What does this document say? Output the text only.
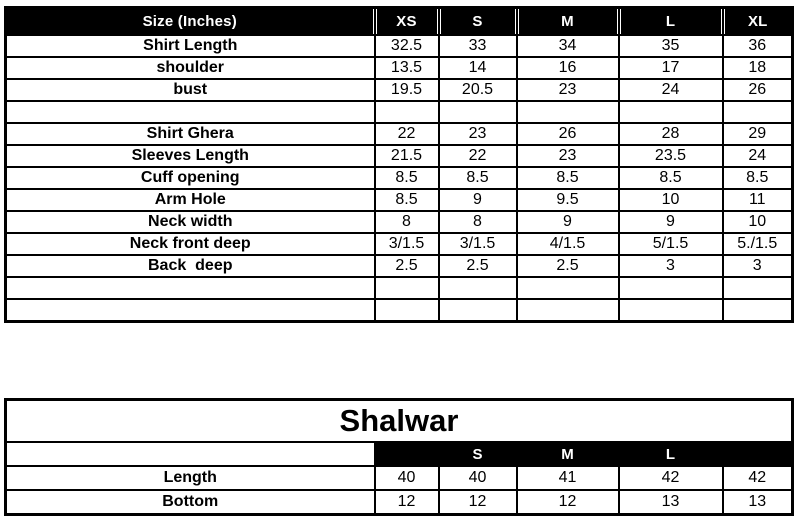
Size (Inches)	XS	S	M	L	XL

Shirt Length	32.5	33	34	35	36
shoulder	13.5	14	16	17	18
bust	19.5	20.5	23	24	26

Shirt Ghera	22	23	26	28	29
Sleeves Length	21.5	22	23	23.5	24
Cuff opening	8.5	8.5	8.5	8.5	8.5
Arm Hole	8.5	9	9.5	10	11
Neck width	8	8	9	9	10
Neck front deep	3/1.5	3/1.5	4/1.5	5/1.5	5./1.5
Back  deep	2.5	2.5	2.5	3	3

Shalwar					
		S	M	L	
Length	40	40	41	42	42
Bottom	12	12	12	13	13
